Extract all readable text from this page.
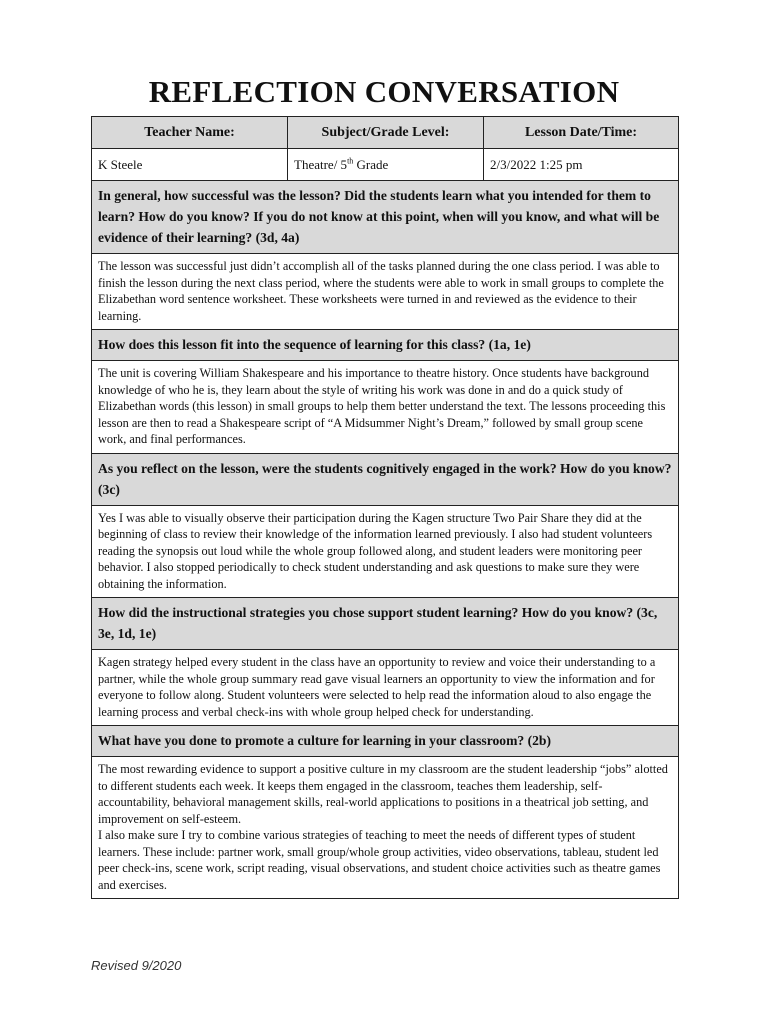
REFLECTION CONVERSATION
Teacher Name:	Subject/Grade Level:	Lesson Date/Time:
K Steele	Theatre/ 5th Grade	2/3/2022 1:25 pm
In general, how successful was the lesson? Did the students learn what you intended for them to learn? How do you know? If you do not know at this point, when will you know, and what will be evidence of their learning? (3d, 4a)		
The lesson was successful just didn’t accomplish all of the tasks planned during the one class period. I was able to finish the lesson during the next class period, where the students were able to work in small groups to complete the Elizabethan word sentence worksheet. These worksheets were turned in and reviewed as the evidence to their learning.		
How does this lesson fit into the sequence of learning for this class? (1a, 1e)		
The unit is covering William Shakespeare and his importance to theatre history. Once students have background knowledge of who he is, they learn about the style of writing his work was done in and do a quick study of Elizabethan words (this lesson) in small groups to help them better understand the text. The lessons proceeding this lesson are then to read a Shakespeare script of “A Midsummer Night’s Dream,” followed by small group scene work, and final performances.		
As you reflect on the lesson, were the students cognitively engaged in the work? How do you know? (3c)		
Yes I was able to visually observe their participation during the Kagen structure Two Pair Share they did at the beginning of class to review their knowledge of the information learned previously. I also had student volunteers reading the synopsis out loud while the whole group followed along, and student leaders were monitoring peer behavior. I also stopped periodically to check student understanding and ask questions to make sure they were obtaining the information.		
How did the instructional strategies you chose support student learning? How do you know? (3c, 3e, 1d, 1e)		
Kagen strategy helped every student in the class have an opportunity to review and voice their understanding to a partner, while the whole group summary read gave visual learners an opportunity to view the information and for everyone to follow along. Student volunteers were selected to help read the information aloud to also engage the learning process and verbal check-ins with whole group helped check for understanding.		
What have you done to promote a culture for learning in your classroom? (2b)		

The most rewarding evidence to support a positive culture in my classroom are the student leadership “jobs” alotted to different students each week. It keeps them engaged in the classroom, teaches them leadership, self-accountability, behavioral management skills, real-world applications to positions in a theatrical job setting, and improvement on self-esteem.
I also make sure I try to combine various strategies of teaching to meet the needs of different types of student learners. These include: partner work, small group/whole group activities, video observations, tableau, student led peer check-ins, scene work, script reading, visual observations, and student choice activities such as theatre games and exercises.		
Revised 9/2020
